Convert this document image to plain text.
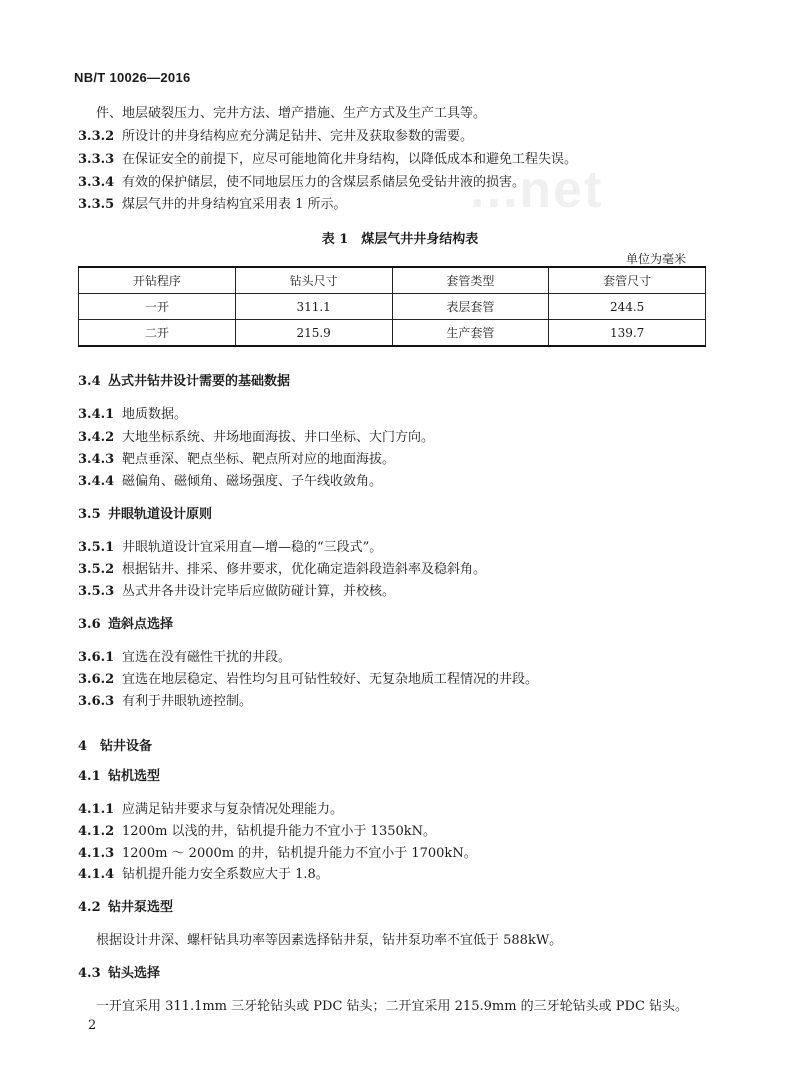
NB/T 10026—2016
...net
件、地层破裂压力、完井方法、增产措施、生产方式及生产工具等。
3.3.2 所设计的井身结构应充分满足钻井、完井及获取参数的需要。
3.3.3 在保证安全的前提下，应尽可能地简化井身结构，以降低成本和避免工程失误。
3.3.4 有效的保护储层，使不同地层压力的含煤层系储层免受钻井液的损害。
3.3.5 煤层气井的井身结构宜采用表 1 所示。
表 1　煤层气井井身结构表
单位为毫米
开钻程序	钻头尺寸	套管类型	套管尺寸
一开	311.1	表层套管	244.5
二开	215.9	生产套管	139.7
3.4 丛式井钻井设计需要的基础数据
3.4.1 地质数据。
3.4.2 大地坐标系统、井场地面海拔、井口坐标、大门方向。
3.4.3 靶点垂深、靶点坐标、靶点所对应的地面海拔。
3.4.4 磁偏角、磁倾角、磁场强度、子午线收敛角。
3.5 井眼轨道设计原则
3.5.1 井眼轨道设计宜采用直—增—稳的“三段式”。
3.5.2 根据钻井、排采、修井要求，优化确定造斜段造斜率及稳斜角。
3.5.3 丛式井各井设计完毕后应做防碰计算，并校核。
3.6 造斜点选择
3.6.1 宜选在没有磁性干扰的井段。
3.6.2 宜选在地层稳定、岩性均匀且可钻性较好、无复杂地质工程情况的井段。
3.6.3 有利于井眼轨迹控制。
4 钻井设备
4.1 钻机选型
4.1.1 应满足钻井要求与复杂情况处理能力。
4.1.2 1200m 以浅的井，钻机提升能力不宜小于 1350kN。
4.1.3 1200m ～ 2000m 的井，钻机提升能力不宜小于 1700kN。
4.1.4 钻机提升能力安全系数应大于 1.8。
4.2 钻井泵选型
根据设计井深、螺杆钻具功率等因素选择钻井泵，钻井泵功率不宜低于 588kW。
4.3 钻头选择
一开宜采用 311.1mm 三牙轮钻头或 PDC 钻头；二开宜采用 215.9mm 的三牙轮钻头或 PDC 钻头。
2
